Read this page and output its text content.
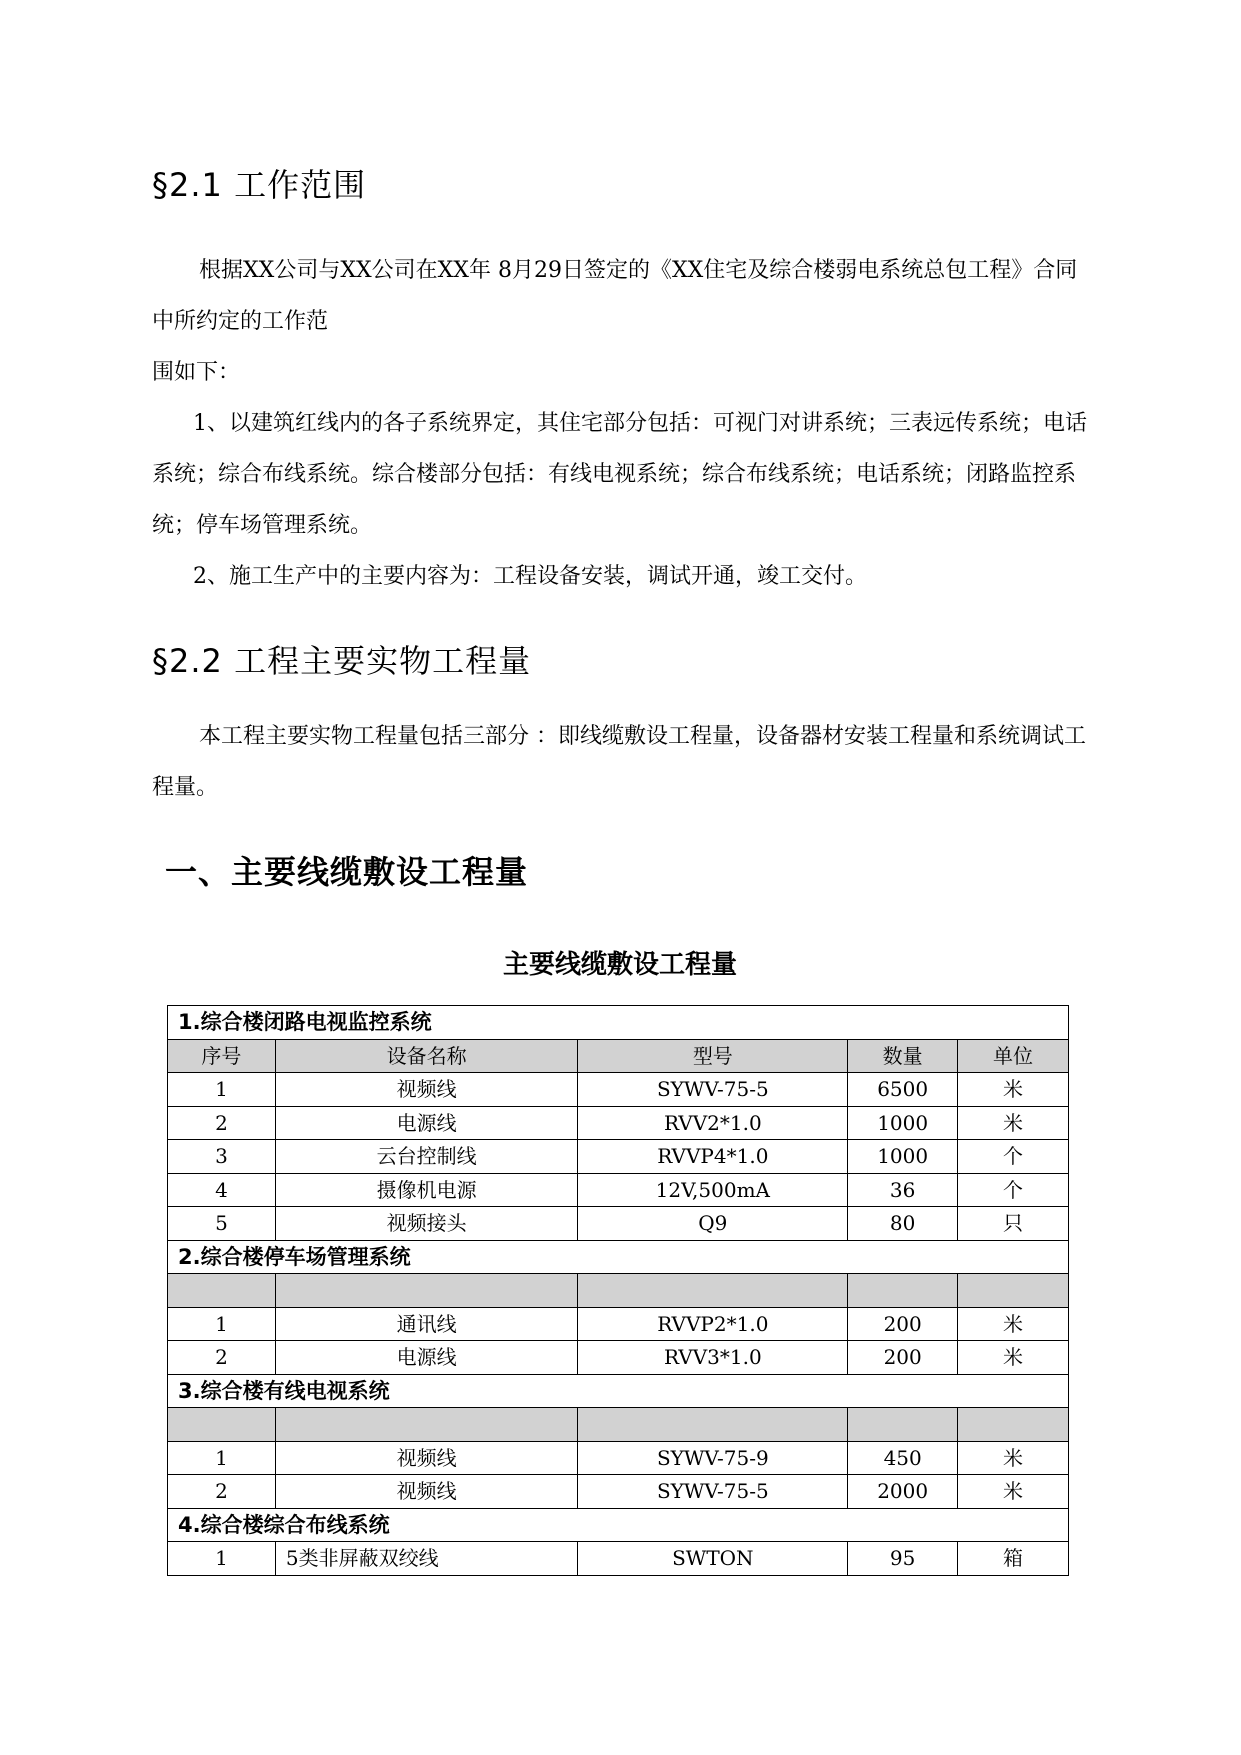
§2.1 工作范围

根据XX公司与XX公司在XX年 8月29日签定的《XX住宅及综合楼弱电系统总包工程》合同中所约定的工作范

围如下：

1、以建筑红线内的各子系统界定，其住宅部分包括：可视门对讲系统；三表远传系统；电话系统；综合布线系统。综合楼部分包括：有线电视系统；综合布线系统；电话系统；闭路监控系统；停车场管理系统。

2、施工生产中的主要内容为：工程设备安装，调试开通，竣工交付。

§2.2 工程主要实物工程量

本工程主要实物工程量包括三部分 ：即线缆敷设工程量，设备器材安装工程量和系统调试工程量。

一、主要线缆敷设工程量
主要线缆敷设工程量
1.综合楼闭路电视监控系统				
序号	设备名称	型号	数量	单位
1	视频线	SYWV-75-5	6500	米
2	电源线	RVV2*1.0	1000	米
3	云台控制线	RVVP4*1.0	1000	个
4	摄像机电源	12V,500mA	36	个
5	视频接头	Q9	80	只
2.综合楼停车场管理系统				

1	通讯线	RVVP2*1.0	200	米
2	电源线	RVV3*1.0	200	米
3.综合楼有线电视系统				

1	视频线	SYWV-75-9	450	米
2	视频线	SYWV-75-5	2000	米
4.综合楼综合布线系统				
1	5类非屏蔽双绞线	SWTON	95	箱
